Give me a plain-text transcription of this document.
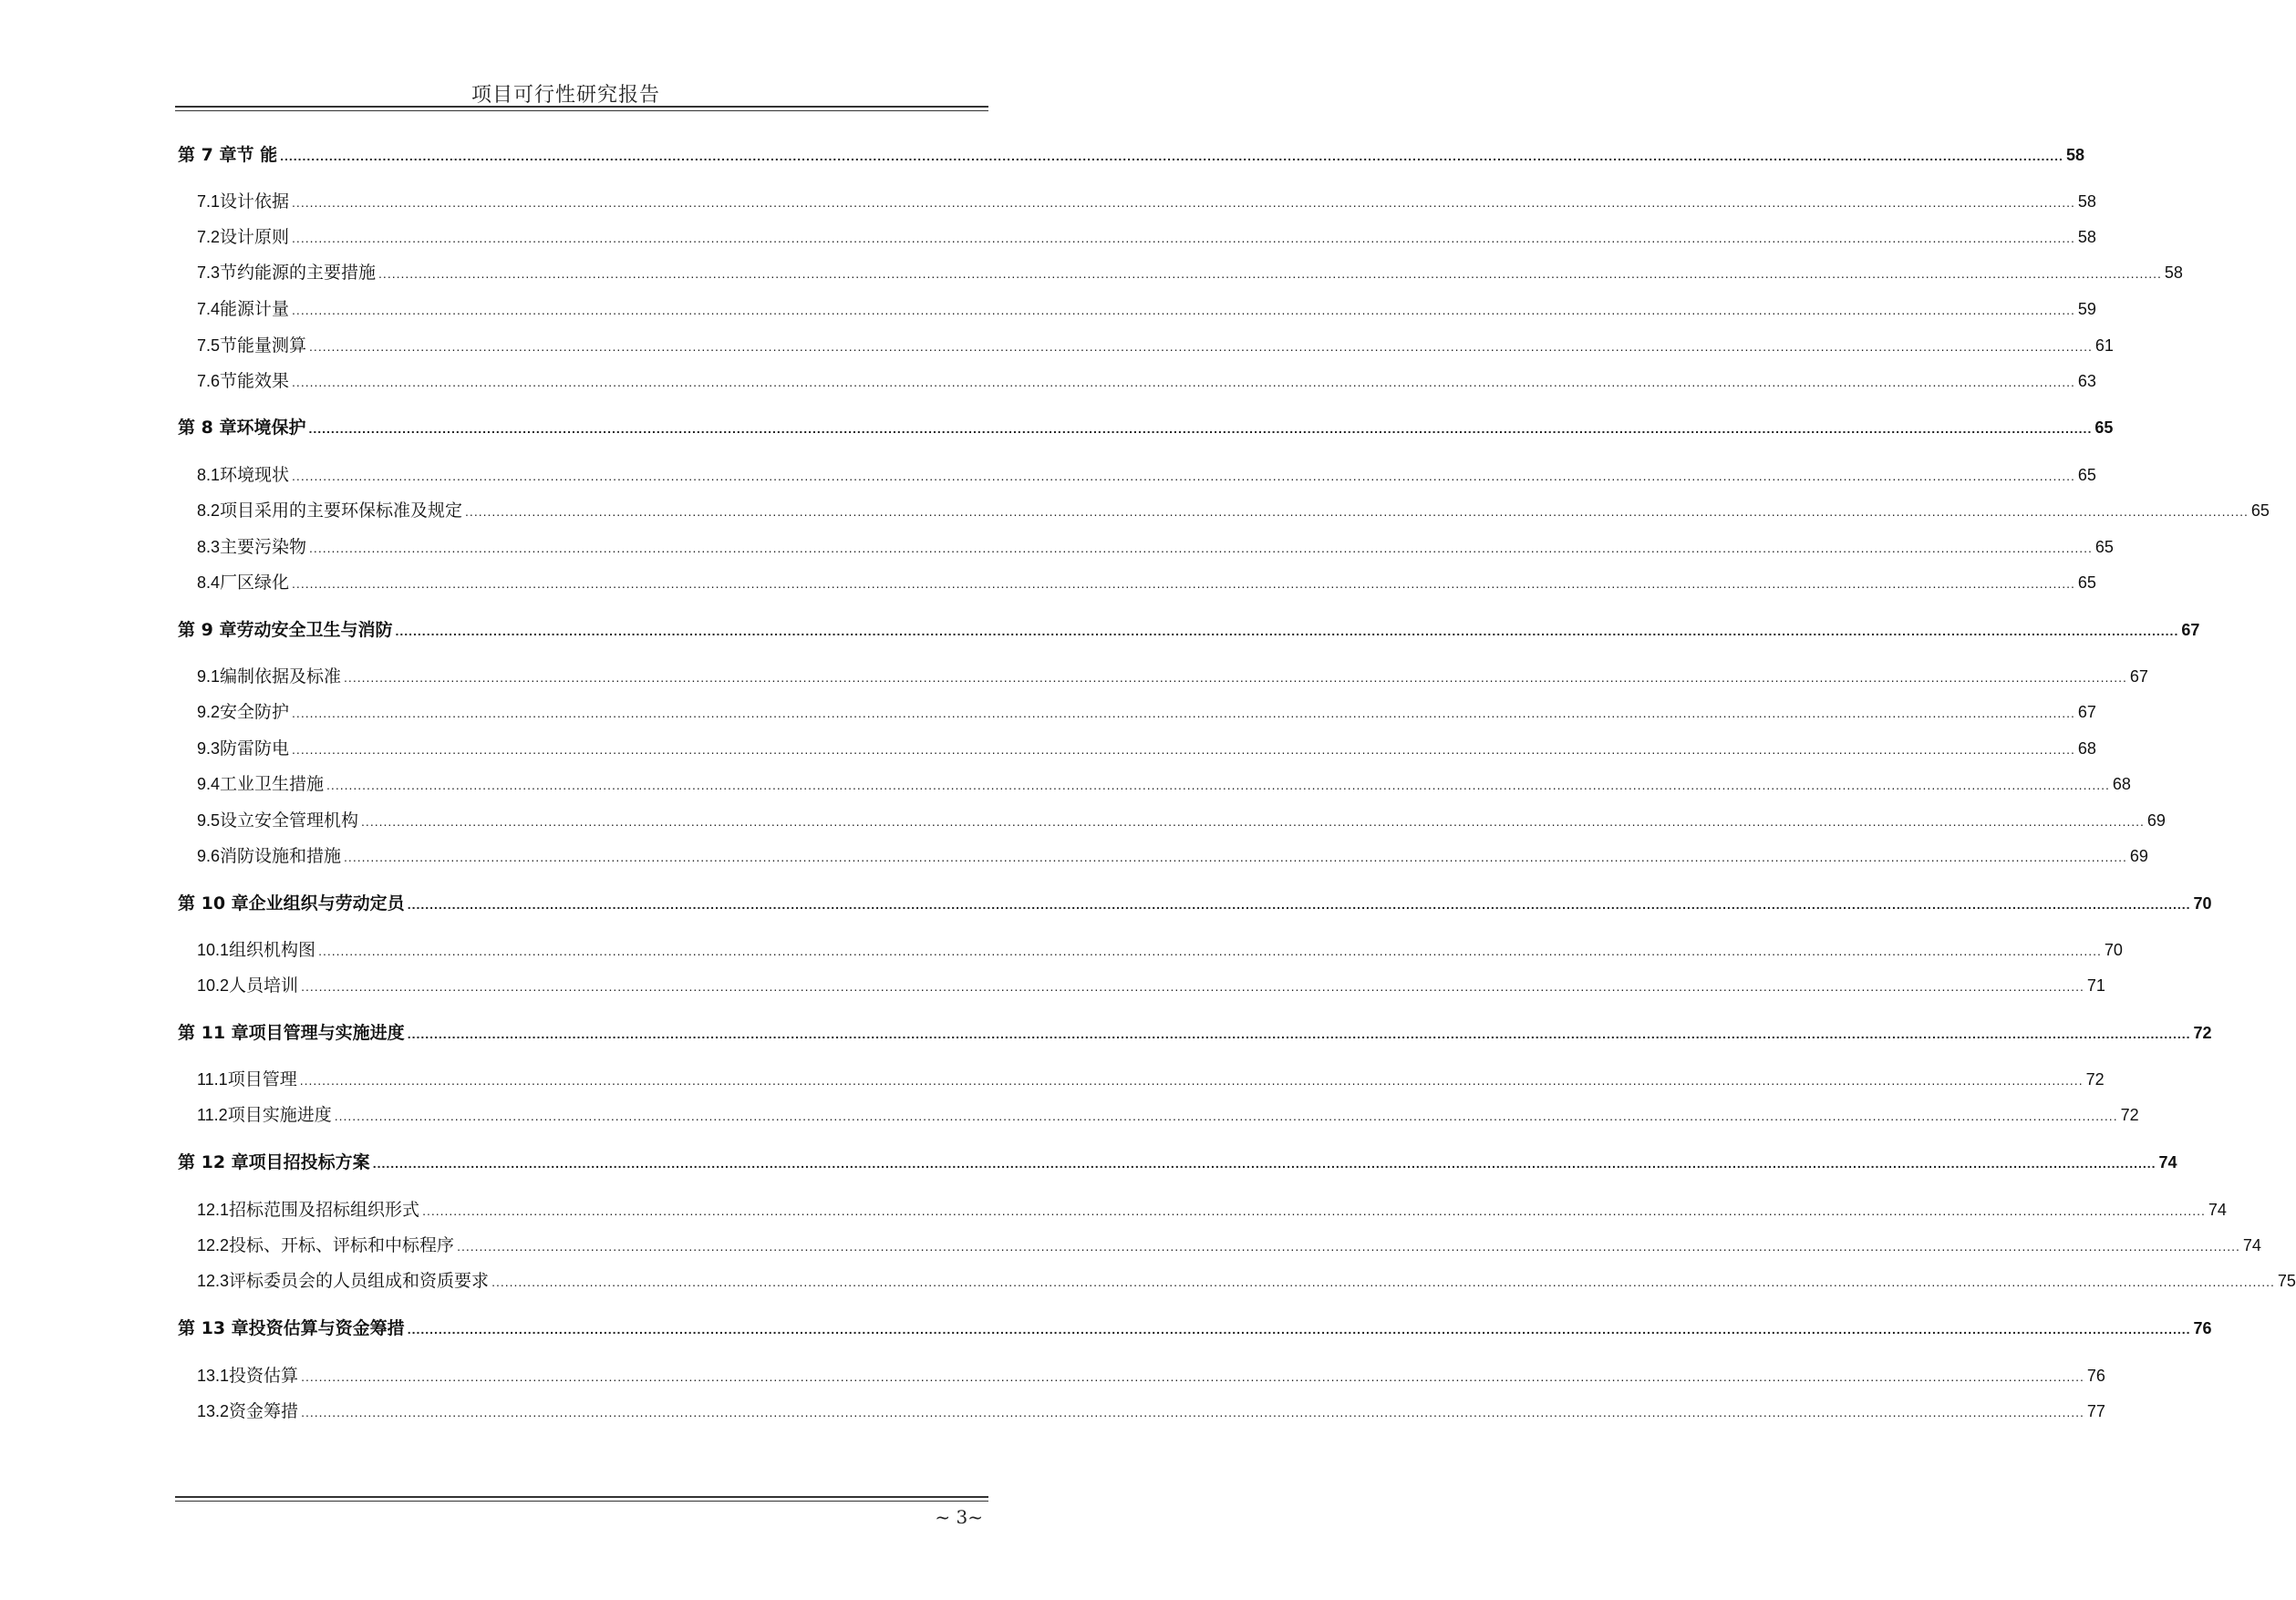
项目可行性研究报告
第 7 章 节 能 ................................................................................................................................................................................................................................................................................................................................................................................................................ 58
7.1 设计依据 ................................................................................................................................................................................................................................................................................................................................................................................................................ 58
7.2 设计原则 ................................................................................................................................................................................................................................................................................................................................................................................................................ 58
7.3 节约能源的主要措施 ................................................................................................................................................................................................................................................................................................................................................................................................................ 58
7.4 能源计量 ................................................................................................................................................................................................................................................................................................................................................................................................................ 59
7.5 节能量测算 ................................................................................................................................................................................................................................................................................................................................................................................................................ 61
7.6 节能效果 ................................................................................................................................................................................................................................................................................................................................................................................................................ 63
第 8 章 环境保护 ................................................................................................................................................................................................................................................................................................................................................................................................................ 65
8.1 环境现状 ................................................................................................................................................................................................................................................................................................................................................................................................................ 65
8.2 项目采用的主要环保标准及规定 ................................................................................................................................................................................................................................................................................................................................................................................................................ 65
8.3 主要污染物 ................................................................................................................................................................................................................................................................................................................................................................................................................ 65
8.4 厂区绿化 ................................................................................................................................................................................................................................................................................................................................................................................................................ 65
第 9 章 劳动安全卫生与消防 ................................................................................................................................................................................................................................................................................................................................................................................................................ 67
9.1 编制依据及标准 ................................................................................................................................................................................................................................................................................................................................................................................................................ 67
9.2 安全防护 ................................................................................................................................................................................................................................................................................................................................................................................................................ 67
9.3 防雷防电 ................................................................................................................................................................................................................................................................................................................................................................................................................ 68
9.4 工业卫生措施 ................................................................................................................................................................................................................................................................................................................................................................................................................ 68
9.5 设立安全管理机构 ................................................................................................................................................................................................................................................................................................................................................................................................................ 69
9.6 消防设施和措施 ................................................................................................................................................................................................................................................................................................................................................................................................................ 69
第 10 章 企业组织与劳动定员 ................................................................................................................................................................................................................................................................................................................................................................................................................ 70
10.1 组织机构图 ................................................................................................................................................................................................................................................................................................................................................................................................................ 70
10.2 人员培训 ................................................................................................................................................................................................................................................................................................................................................................................................................ 71
第 11 章 项目管理与实施进度 ................................................................................................................................................................................................................................................................................................................................................................................................................ 72
11.1 项目管理 ................................................................................................................................................................................................................................................................................................................................................................................................................ 72
11.2 项目实施进度 ................................................................................................................................................................................................................................................................................................................................................................................................................ 72
第 12 章 项目招投标方案 ................................................................................................................................................................................................................................................................................................................................................................................................................ 74
12.1 招标范围及招标组织形式 ................................................................................................................................................................................................................................................................................................................................................................................................................ 74
12.2 投标、开标、评标和中标程序 ................................................................................................................................................................................................................................................................................................................................................................................................................ 74
12.3 评标委员会的人员组成和资质要求 ................................................................................................................................................................................................................................................................................................................................................................................................................ 75
第 13 章 投资估算与资金筹措 ................................................................................................................................................................................................................................................................................................................................................................................................................ 76
13.1 投资估算 ................................................................................................................................................................................................................................................................................................................................................................................................................ 76
13.2 资金筹措 ................................................................................................................................................................................................................................................................................................................................................................................................................ 77
~ 3~
